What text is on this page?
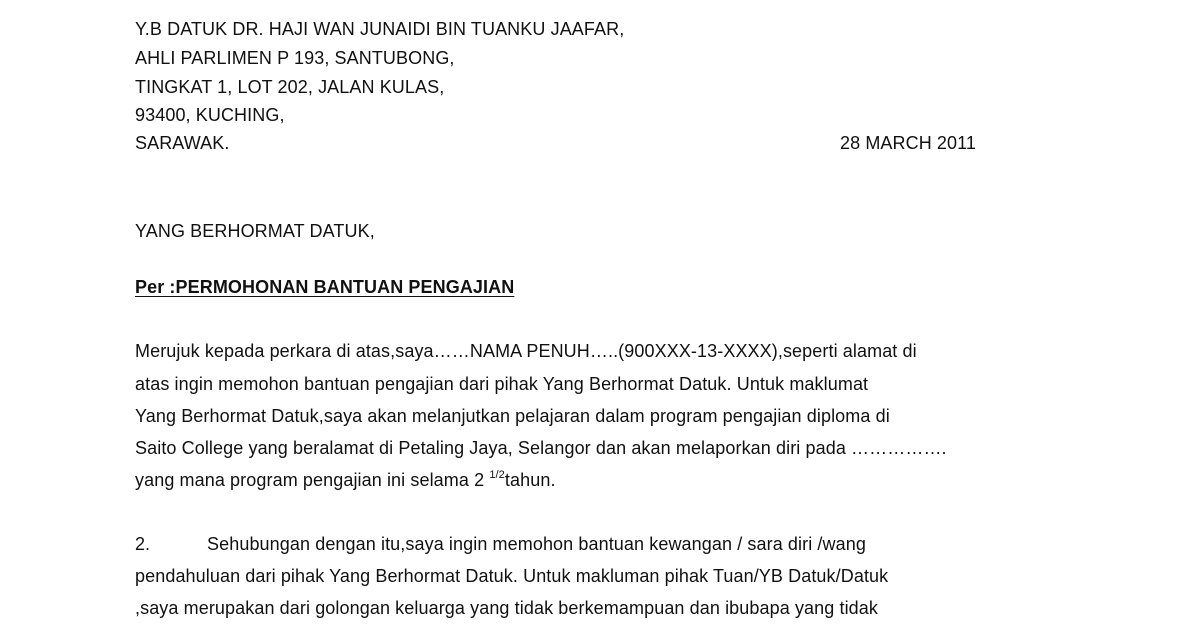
Y.B DATUK DR. HAJI WAN JUNAIDI BIN TUANKU JAAFAR,
AHLI PARLIMEN P 193, SANTUBONG,
TINGKAT 1, LOT 202, JALAN KULAS,
93400, KUCHING,
SARAWAK.	28 MARCH 2011
YANG BERHORMAT DATUK,
Per :PERMOHONAN BANTUAN PENGAJIAN
Merujuk kepada perkara di atas,saya……NAMA PENUH…..(900XXX-13-XXXX),seperti alamat di
atas ingin memohon bantuan pengajian dari pihak Yang Berhormat Datuk. Untuk maklumat
Yang Berhormat Datuk,saya akan melanjutkan pelajaran dalam program pengajian diploma di
Saito College yang beralamat di Petaling Jaya, Selangor dan akan melaporkan diri pada …………….
yang mana program pengajian ini selama 2 $^{1/2}$tahun.
2.	Sehubungan dengan itu,saya ingin memohon bantuan kewangan / sara diri /wang
pendahuluan dari pihak Yang Berhormat Datuk. Untuk makluman pihak Tuan/YB Datuk/Datuk
,saya merupakan dari golongan keluarga yang tidak berkemampuan dan ibubapa yang tidak
